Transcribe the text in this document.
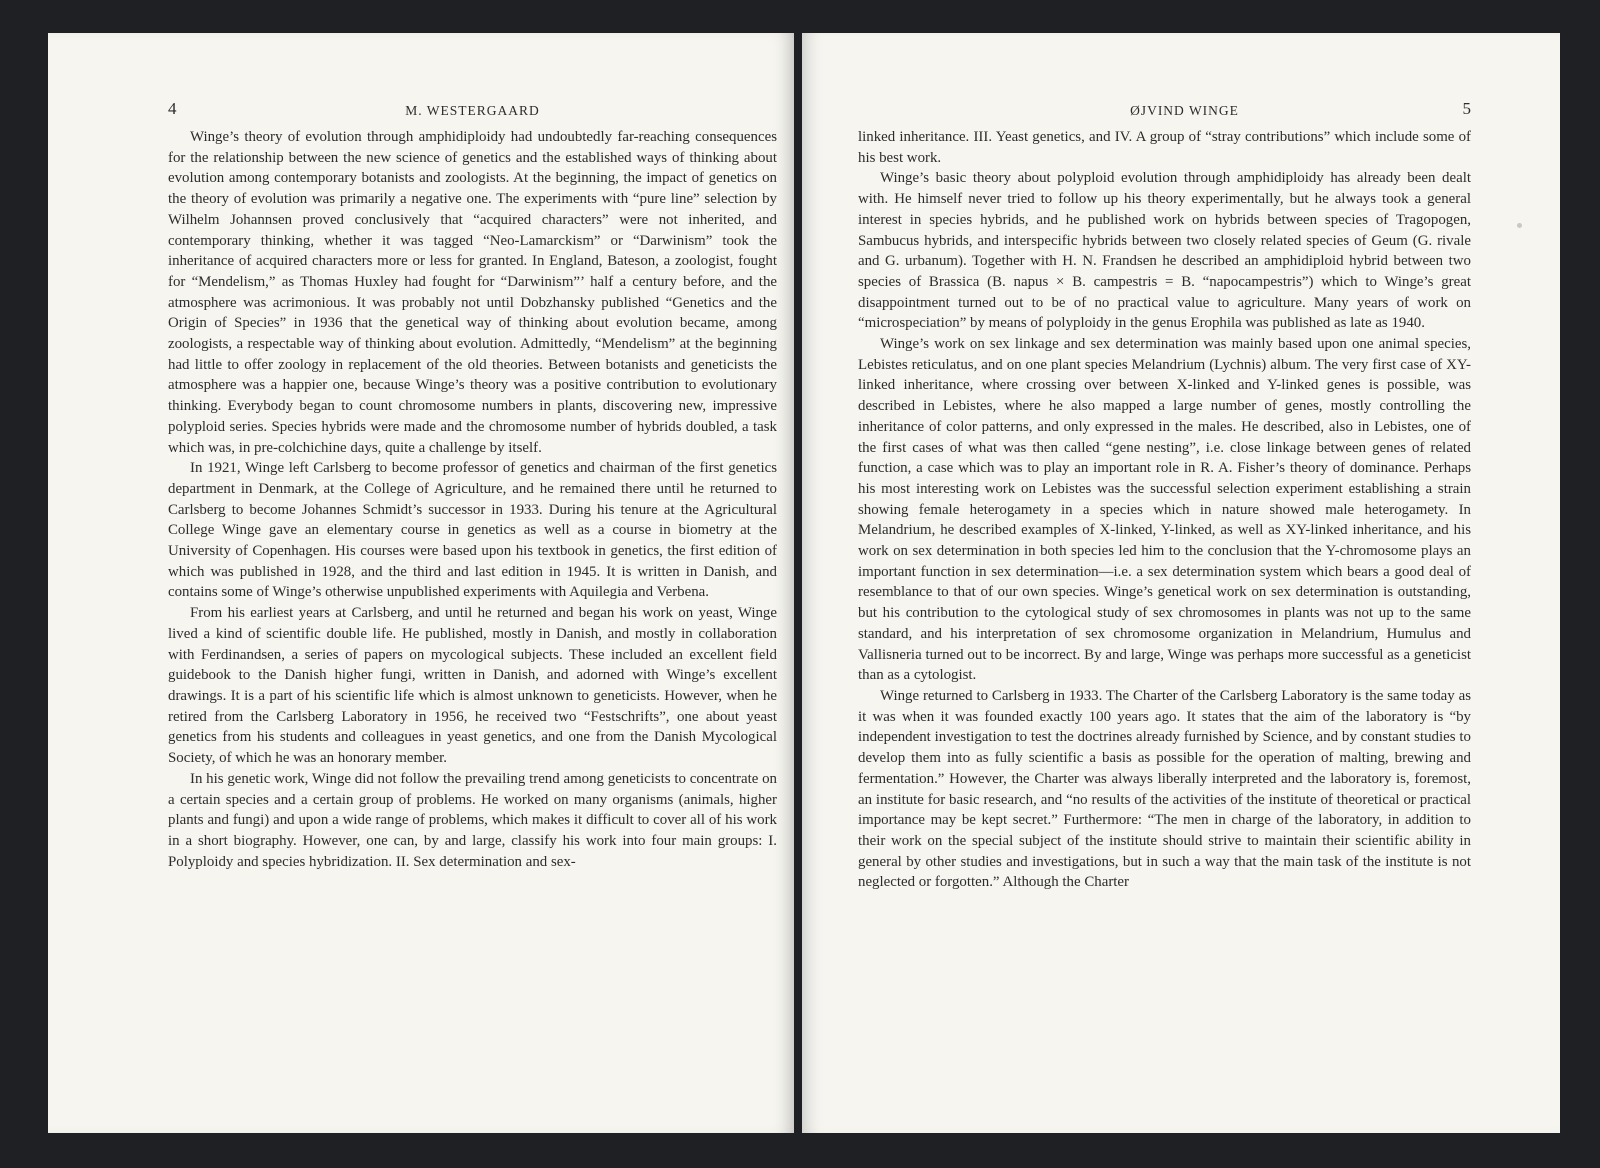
4	M. WESTERGAARD

Winge’s theory of evolution through amphidiploidy had undoubtedly far-reaching consequences for the relationship between the new science of genetics and the established ways of thinking about evolution among contemporary botanists and zoologists. At the beginning, the impact of genetics on the theory of evolution was primarily a negative one. The experiments with “pure line” selection by Wilhelm Johannsen proved conclusively that “acquired characters” were not inherited, and contemporary thinking, whether it was tagged “Neo-Lamarckism” or “Darwinism” took the inheritance of acquired characters more or less for granted. In England, Bateson, a zoologist, fought for “Mendelism,” as Thomas Huxley had fought for “Darwinism”’ half a century before, and the atmosphere was acrimonious. It was probably not until Dobzhansky published “Genetics and the Origin of Species” in 1936 that the genetical way of thinking about evolution became, among zoologists, a respectable way of thinking about evolution. Admittedly, “Mendelism” at the beginning had little to offer zoology in replacement of the old theories. Between botanists and geneticists the atmosphere was a happier one, because Winge’s theory was a positive contribution to evolutionary thinking. Everybody began to count chromosome numbers in plants, discovering new, impressive polyploid series. Species hybrids were made and the chromosome number of hybrids doubled, a task which was, in pre-colchichine days, quite a challenge by itself.

In 1921, Winge left Carlsberg to become professor of genetics and chairman of the first genetics department in Denmark, at the College of Agriculture, and he remained there until he returned to Carlsberg to become Johannes Schmidt’s successor in 1933. During his tenure at the Agricultural College Winge gave an elementary course in genetics as well as a course in biometry at the University of Copenhagen. His courses were based upon his textbook in genetics, the first edition of which was published in 1928, and the third and last edition in 1945. It is written in Danish, and contains some of Winge’s otherwise unpublished experiments with Aquilegia and Verbena.

From his earliest years at Carlsberg, and until he returned and began his work on yeast, Winge lived a kind of scientific double life. He published, mostly in Danish, and mostly in collaboration with Ferdinandsen, a series of papers on mycological subjects. These included an excellent field guidebook to the Danish higher fungi, written in Danish, and adorned with Winge’s excellent drawings. It is a part of his scientific life which is almost unknown to geneticists. However, when he retired from the Carlsberg Laboratory in 1956, he received two “Festschrifts”, one about yeast genetics from his students and colleagues in yeast genetics, and one from the Danish Mycological Society, of which he was an honorary member.

In his genetic work, Winge did not follow the prevailing trend among geneticists to concentrate on a certain species and a certain group of problems. He worked on many organisms (animals, higher plants and fungi) and upon a wide range of problems, which makes it difficult to cover all of his work in a short biography. However, one can, by and large, classify his work into four main groups: I. Polyploidy and species hybridization. II. Sex determination and sex-

ØJVIND WINGE	5

linked inheritance. III. Yeast genetics, and IV. A group of “stray contributions” which include some of his best work.

Winge’s basic theory about polyploid evolution through amphidiploidy has already been dealt with. He himself never tried to follow up his theory experimentally, but he always took a general interest in species hybrids, and he published work on hybrids between species of Tragopogen, Sambucus hybrids, and interspecific hybrids between two closely related species of Geum (G. rivale and G. urbanum). Together with H. N. Frandsen he described an amphidiploid hybrid between two species of Brassica (B. napus × B. campestris = B. “napocampestris”) which to Winge’s great disappointment turned out to be of no practical value to agriculture. Many years of work on “microspeciation” by means of polyploidy in the genus Erophila was published as late as 1940.

Winge’s work on sex linkage and sex determination was mainly based upon one animal species, Lebistes reticulatus, and on one plant species Melandrium (Lychnis) album. The very first case of XY-linked inheritance, where crossing over between X-linked and Y-linked genes is possible, was described in Lebistes, where he also mapped a large number of genes, mostly controlling the inheritance of color patterns, and only expressed in the males. He described, also in Lebistes, one of the first cases of what was then called “gene nesting”, i.e. close linkage between genes of related function, a case which was to play an important role in R. A. Fisher’s theory of dominance. Perhaps his most interesting work on Lebistes was the successful selection experiment establishing a strain showing female heterogamety in a species which in nature showed male heterogamety. In Melandrium, he described examples of X-linked, Y-linked, as well as XY-linked inheritance, and his work on sex determination in both species led him to the conclusion that the Y-chromosome plays an important function in sex determination—i.e. a sex determination system which bears a good deal of resemblance to that of our own species. Winge’s genetical work on sex determination is outstanding, but his contribution to the cytological study of sex chromosomes in plants was not up to the same standard, and his interpretation of sex chromosome organization in Melandrium, Humulus and Vallisneria turned out to be incorrect. By and large, Winge was perhaps more successful as a geneticist than as a cytologist.

Winge returned to Carlsberg in 1933. The Charter of the Carlsberg Laboratory is the same today as it was when it was founded exactly 100 years ago. It states that the aim of the laboratory is “by independent investigation to test the doctrines already furnished by Science, and by constant studies to develop them into as fully scientific a basis as possible for the operation of malting, brewing and fermentation.” However, the Charter was always liberally interpreted and the laboratory is, foremost, an institute for basic research, and “no results of the activities of the institute of theoretical or practical importance may be kept secret.” Furthermore: “The men in charge of the laboratory, in addition to their work on the special subject of the institute should strive to maintain their scientific ability in general by other studies and investigations, but in such a way that the main task of the institute is not neglected or forgotten.” Although the Charter
